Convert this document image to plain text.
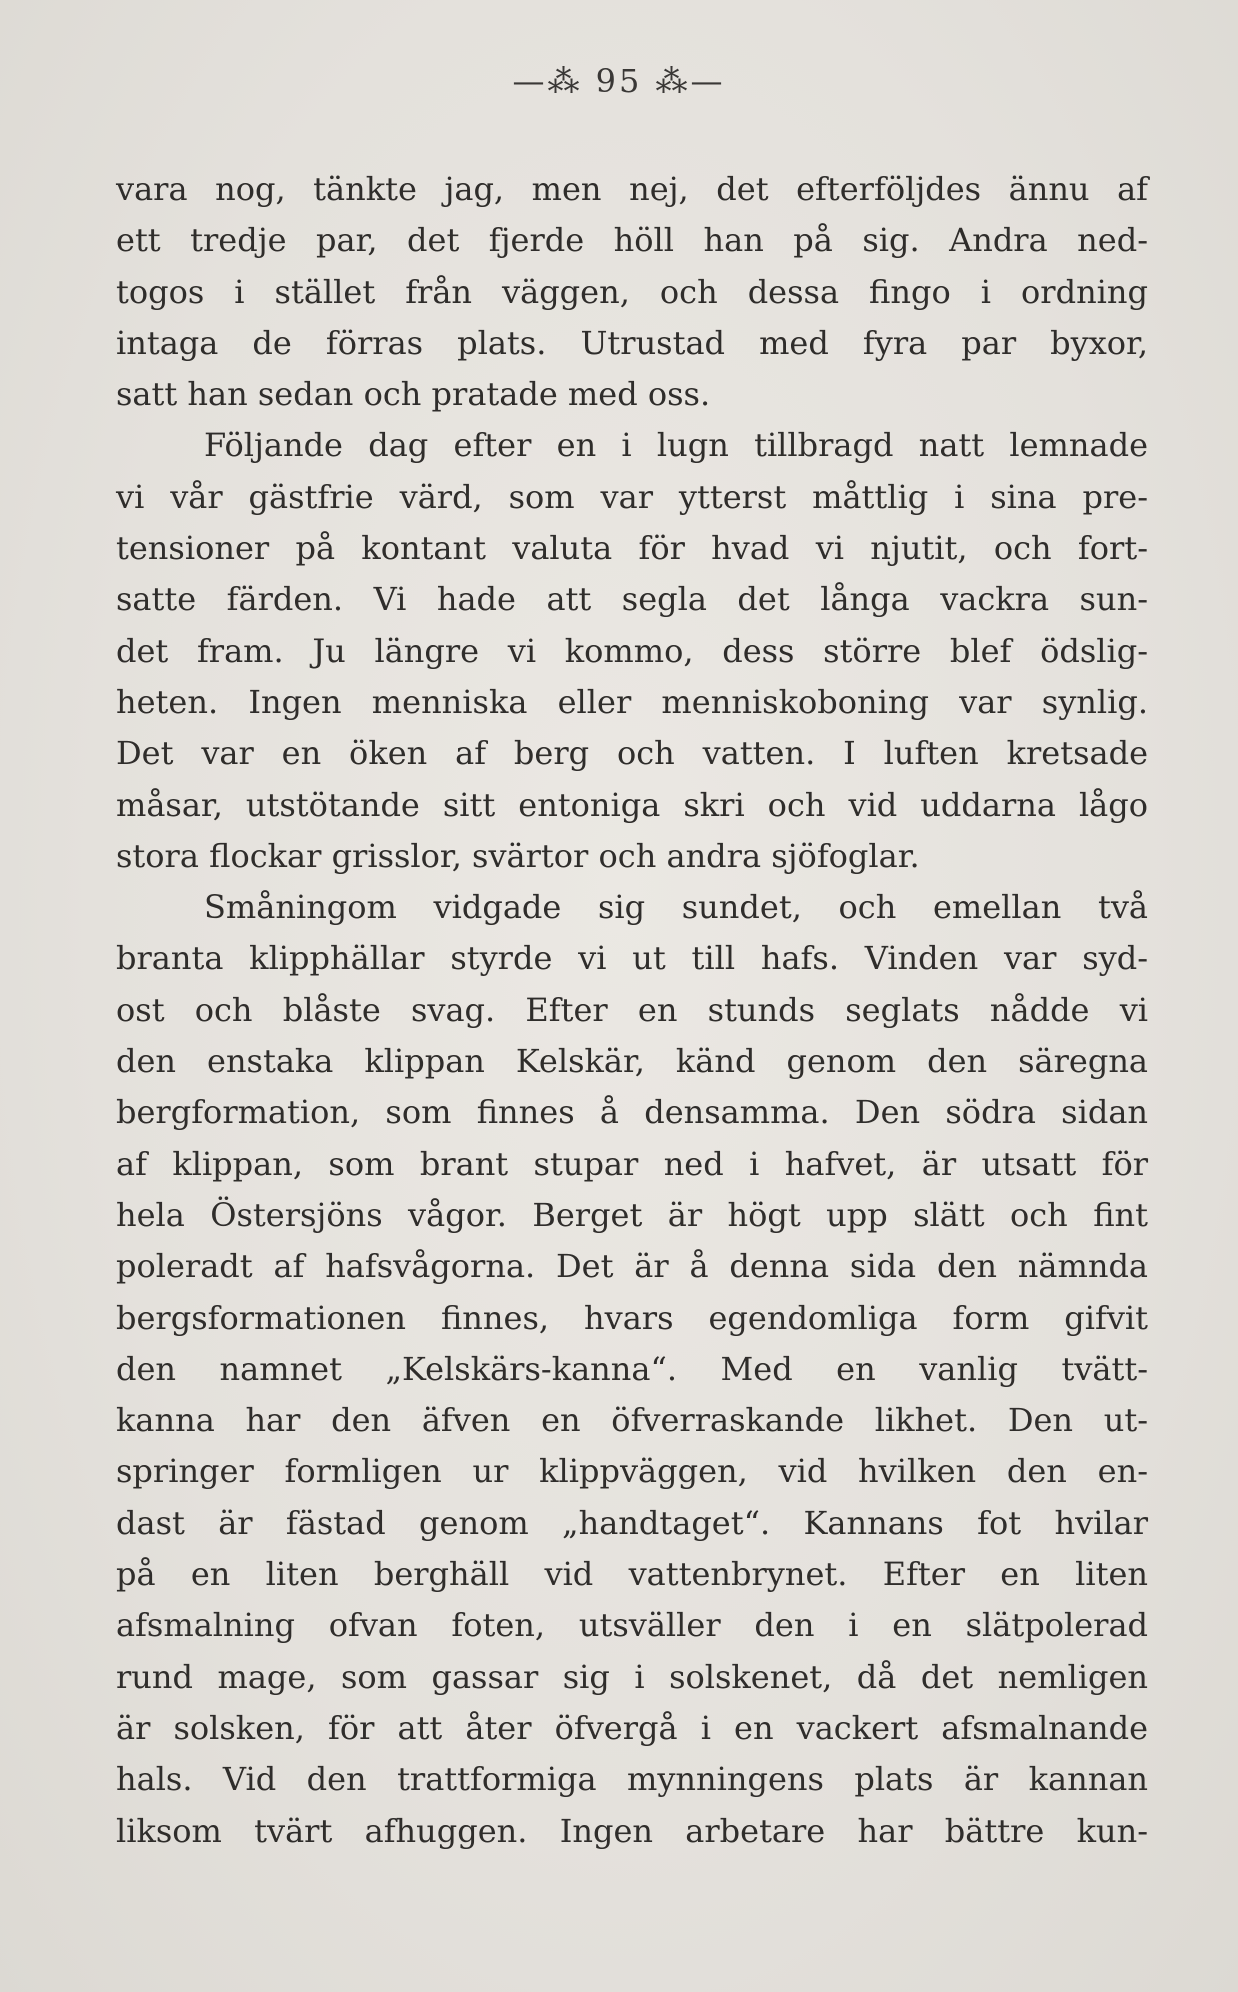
—⁂ 95 ⁂—
vara nog, tänkte jag, men nej, det efterföljdes ännu af
ett tredje par, det fjerde höll han på sig. Andra ned-
togos i stället från väggen, och dessa fingo i ordning
intaga de förras plats. Utrustad med fyra par byxor,
satt han sedan och pratade med oss.
Följande dag efter en i lugn tillbragd natt lemnade
vi vår gästfrie värd, som var ytterst måttlig i sina pre-
tensioner på kontant valuta för hvad vi njutit, och fort-
satte färden. Vi hade att segla det långa vackra sun-
det fram. Ju längre vi kommo, dess större blef ödslig-
heten. Ingen menniska eller menniskoboning var synlig.
Det var en öken af berg och vatten. I luften kretsade
måsar, utstötande sitt entoniga skri och vid uddarna lågo
stora flockar grisslor, svärtor och andra sjöfoglar.
Småningom vidgade sig sundet, och emellan två
branta klipphällar styrde vi ut till hafs. Vinden var syd-
ost och blåste svag. Efter en stunds seglats nådde vi
den enstaka klippan Kelskär, känd genom den säregna
bergformation, som finnes å densamma. Den södra sidan
af klippan, som brant stupar ned i hafvet, är utsatt för
hela Östersjöns vågor. Berget är högt upp slätt och fint
poleradt af hafsvågorna. Det är å denna sida den nämnda
bergsformationen finnes, hvars egendomliga form gifvit
den namnet „Kelskärs-kanna“. Med en vanlig tvätt-
kanna har den äfven en öfverraskande likhet. Den ut-
springer formligen ur klippväggen, vid hvilken den en-
dast är fästad genom „handtaget“. Kannans fot hvilar
på en liten berghäll vid vattenbrynet. Efter en liten
afsmalning ofvan foten, utsväller den i en slätpolerad
rund mage, som gassar sig i solskenet, då det nemligen
är solsken, för att åter öfvergå i en vackert afsmalnande
hals. Vid den trattformiga mynningens plats är kannan
liksom tvärt afhuggen. Ingen arbetare har bättre kun-
